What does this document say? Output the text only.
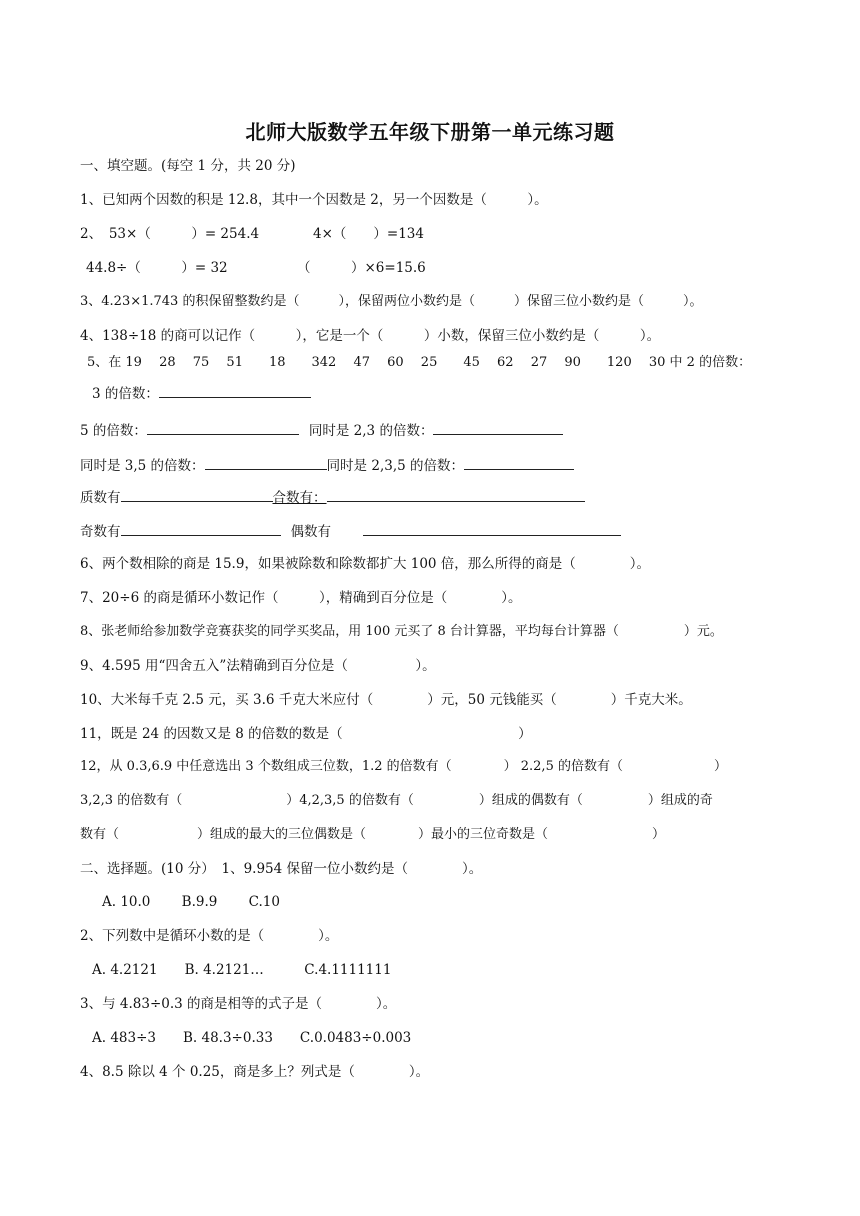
北师大版数学五年级下册第一单元练习题
一、填空题。(每空 1 分，共 20 分)
1、已知两个因数的积是 12.8，其中一个因数是 2，另一个因数是（　　　）。
2、　53×（　　　）= 254.4	4×（　　）=134
44.8÷（　　　）= 32	（　　　）×6=15.6
3、4.23×1.743 的积保留整数约是（　　　），保留两位小数约是（　　　）保留三位小数约是（　　　）。
4、138÷18 的商可以记作（　　　），它是一个（　　　）小数，保留三位小数约是（　　　）。
5、在 19　 28　 75　 51　　18　　342　 47　 60　 25　　45　 62　 27　 90　　120　 30 中 2 的倍数：
3 的倍数：
5 的倍数：	同时是 2,3 的倍数：
同时是 3,5 的倍数：	同时是 2,3,5 的倍数：
质数有	合数有：
奇数有	偶数有
6、两个数相除的商是 15.9，如果被除数和除数都扩大 100 倍，那么所得的商是（　　　　）。
7、20÷6 的商是循环小数记作（　　　），精确到百分位是（　　　　）。
8、张老师给参加数学竞赛获奖的同学买奖品，用 100 元买了 8 台计算器，平均每台计算器（　　　　　）元。
9、4.595 用“四舍五入”法精确到百分位是（　　　　　）。
10、大米每千克 2.5 元，买 3.6 千克大米应付（　　　　）元，50 元钱能买（　　　　）千克大米。
11，既是 24 的因数又是 8 的倍数的数是（　　　　　　　　　　　　　）
12，从 0.3,6.9 中任意选出 3 个数组成三位数，1.2 的倍数有（　　　　） 2.2,5 的倍数有（　　　　　　　）
3,2,3 的倍数有（　　　　　　　　）4,2,3,5 的倍数有（　　　　　）组成的偶数有（　　　　　）组成的奇
数有（　　　　　　）组成的最大的三位偶数是（　　　　）最小的三位奇数是（　　　　　　　　）
二、选择题。(10 分）　1、9.954 保留一位小数约是（　　　　）。
A. 10.0　　 B.9.9　　 C.10
2、下列数中是循环小数的是（　　　　）。
A. 4.2121　　B. 4.2121…　　　C.4.1111111
3、与 4.83÷0.3 的商是相等的式子是（　　　　）。
A. 483÷3　　B. 48.3÷0.33　　C.0.0483÷0.003
4、8.5 除以 4 个 0.25，商是多上？列式是（　　　　）。
